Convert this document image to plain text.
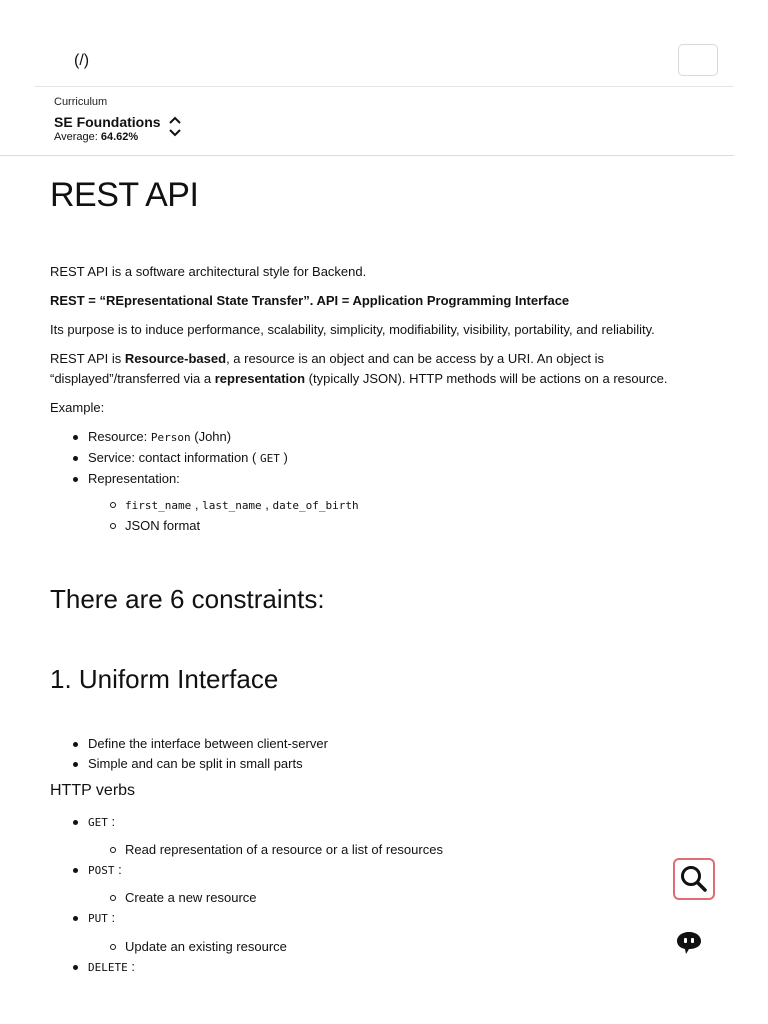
(/)
Curriculum
SE Foundations
Average: 64.62%
REST API

REST API is a software architectural style for Backend.

REST = “REpresentational State Transfer”. API = Application Programming Interface

Its purpose is to induce performance, scalability, simplicity, modifiability, visibility, portability, and reliability.

REST API is Resource-based, a resource is an object and can be access by a URI. An object is
“displayed”/transferred via a representation (typically JSON). HTTP methods will be actions on a resource.

Example:

Resource: Person (John)
Service: contact information ( GET )
Representation:
first_name , last_name , date_of_birth
JSON format
There are 6 constraints:
1. Uniform Interface
Define the interface between client-server
Simple and can be split in small parts
HTTP verbs
GET :
Read representation of a resource or a list of resources
POST :
Create a new resource
PUT :
Update an existing resource
DELETE :
